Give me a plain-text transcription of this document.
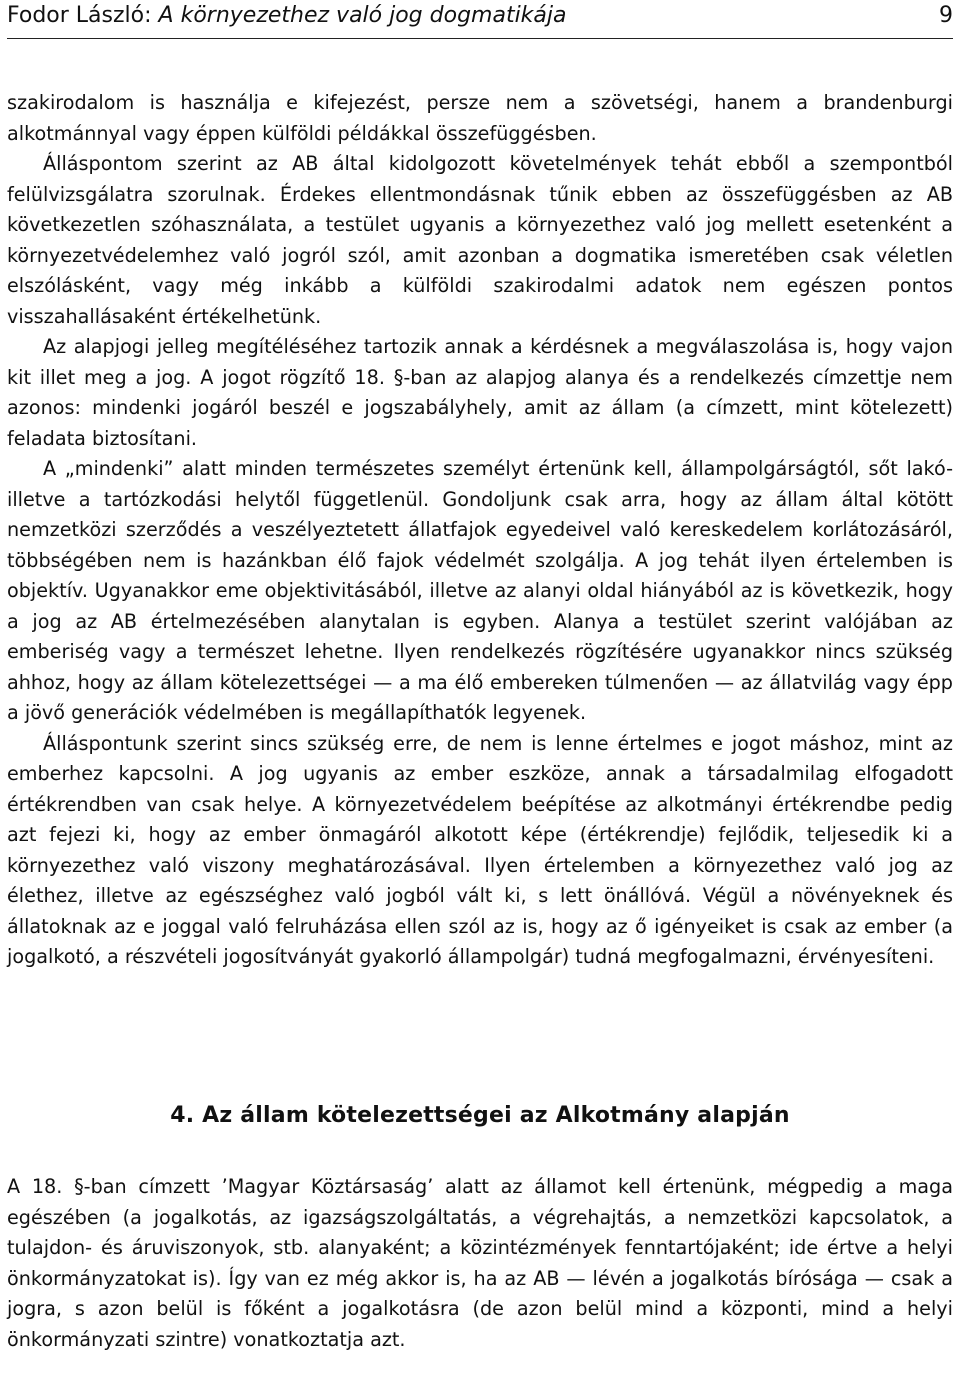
Fodor László: A környezethez való jog dogmatikája	9

szakirodalom is használja e kifejezést, persze nem a szövetségi, hanem a brandenburgi alkotmánnyal vagy éppen külföldi példákkal összefüggésben.

Álláspontom szerint az AB által kidolgozott követelmények tehát ebből a szempontból felülvizsgálatra szorulnak. Érdekes ellentmondásnak tűnik ebben az összefüggésben az AB következetlen szóhasználata, a testület ugyanis a környezethez való jog mellett esetenként a környezetvédelemhez való jogról szól, amit azonban a dogmatika ismeretében csak véletlen elszólásként, vagy még inkább a külföldi szakirodalmi adatok nem egészen pontos visszahallásaként értékelhetünk.

Az alapjogi jelleg megítéléséhez tartozik annak a kérdésnek a megválaszolása is, hogy vajon kit illet meg a jog. A jogot rögzítő 18. §-ban az alapjog alanya és a rendelkezés címzettje nem azonos: mindenki jogáról beszél e jogszabályhely, amit az állam (a címzett, mint kötelezett) feladata biztosítani.

A „mindenki” alatt minden természetes személyt értenünk kell, állampolgárságtól, sőt lakó- illetve a tartózkodási helytől függetlenül. Gondoljunk csak arra, hogy az állam által kötött nemzetközi szerződés a veszélyeztetett állatfajok egyedeivel való kereskedelem korlátozásáról, többségében nem is hazánkban élő fajok védelmét szolgálja. A jog tehát ilyen értelemben is objektív. Ugyanakkor eme objektivitásából, illetve az alanyi oldal hiányából az is következik, hogy a jog az AB értelmezésében alanytalan is egyben. Alanya a testület szerint valójában az emberiség vagy a természet lehetne. Ilyen rendelkezés rögzítésére ugyanakkor nincs szükség ahhoz, hogy az állam kötelezettségei — a ma élő embereken túlmenően — az állatvilág vagy épp a jövő generációk védelmében is megállapíthatók legyenek.

Álláspontunk szerint sincs szükség erre, de nem is lenne értelmes e jogot máshoz, mint az emberhez kapcsolni. A jog ugyanis az ember eszköze, annak a társadalmilag elfogadott értékrendben van csak helye. A környezetvédelem beépítése az alkotmányi értékrendbe pedig azt fejezi ki, hogy az ember önmagáról alkotott képe (értékrendje) fejlődik, teljesedik ki a környezethez való viszony meghatározásával. Ilyen értelemben a környezethez való jog az élethez, illetve az egészséghez való jogból vált ki, s lett önállóvá. Végül a növényeknek és állatoknak az e joggal való felruházása ellen szól az is, hogy az ő igényeiket is csak az ember (a jogalkotó, a részvételi jogosítványát gyakorló állampolgár) tudná megfogalmazni, érvényesíteni.

4. Az állam kötelezettségei az Alkotmány alapján

A 18. §-ban címzett ’Magyar Köztársaság’ alatt az államot kell értenünk, mégpedig a maga egészében (a jogalkotás, az igazságszolgáltatás, a végrehajtás, a nemzetközi kapcsolatok, a tulajdon- és áruviszonyok, stb. alanyaként; a közintézmények fenntartójaként; ide értve a helyi önkormányzatokat is). Így van ez még akkor is, ha az AB — lévén a jogalkotás bírósága — csak a jogra, s azon belül is főként a jogalkotásra (de azon belül mind a központi, mind a helyi önkormányzati szintre) vonatkoztatja azt.
